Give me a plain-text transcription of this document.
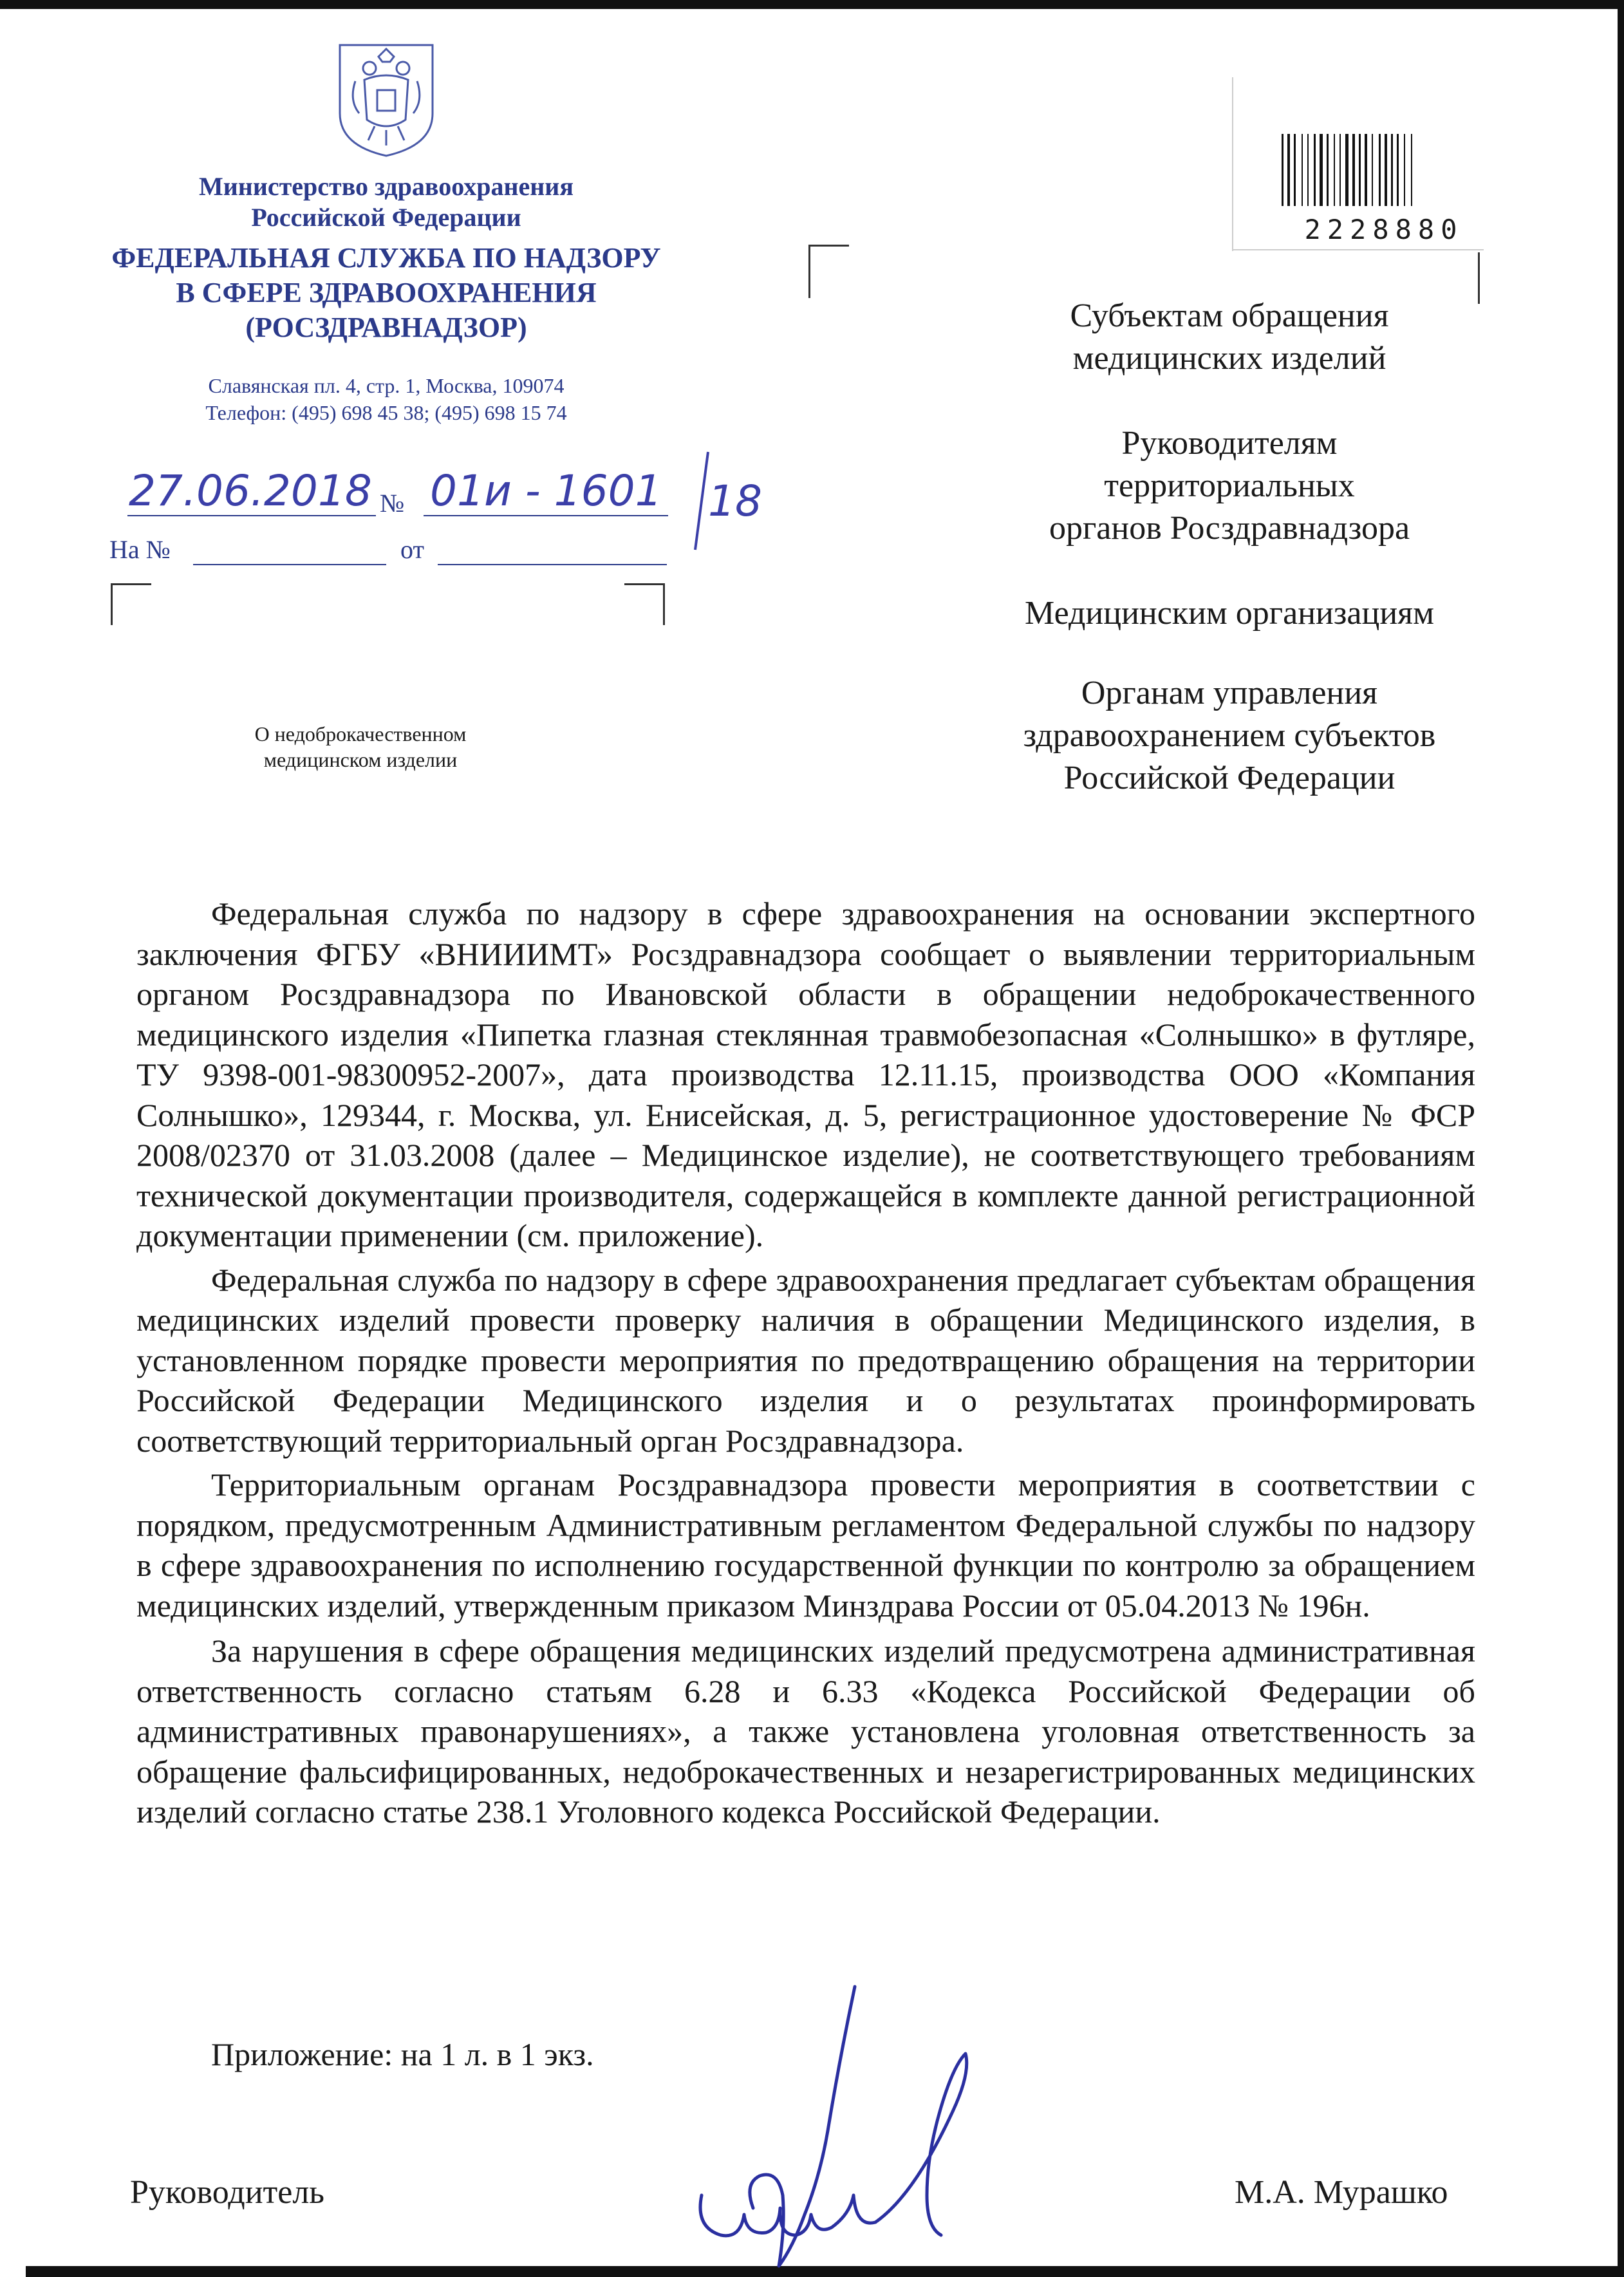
Министерство здравоохранения
Российской Федерации
ФЕДЕРАЛЬНАЯ СЛУЖБА ПО НАДЗОРУ
В СФЕРЕ ЗДРАВООХРАНЕНИЯ
(РОСЗДРАВНАДЗОР)
Славянская пл. 4, стр. 1, Москва, 109074
Телефон: (495) 698 45 38; (495) 698 15 74
27.06.2018 № 01и - 1601 18
На №	от
О недоброкачественном
медицинском изделии
2228880
Субъектам обращения
медицинских изделий
Руководителям
территориальных
органов Росздравнадзора
Медицинским организациям
Органам управления
здравоохранением субъектов
Российской Федерации

Федеральная служба по надзору в сфере здравоохранения на основании экспертного заключения ФГБУ «ВНИИИМТ» Росздравнадзора сообщает о выявлении территориальным органом Росздравнадзора по Ивановской области в обращении недоброкачественного медицинского изделия «Пипетка глазная стеклянная травмобезопасная «Солнышко» в футляре, ТУ 9398-001-98300952-2007», дата производства 12.11.15, производства ООО «Компания Солнышко», 129344, г. Москва, ул. Енисейская, д. 5, регистрационное удостоверение № ФСР 2008/02370 от 31.03.2008 (далее – Медицинское изделие), не соответствующего требованиям технической документации производителя, содержащейся в комплекте данной регистрационной документации применении (см. приложение).

Федеральная служба по надзору в сфере здравоохранения предлагает субъектам обращения медицинских изделий провести проверку наличия в обращении Медицинского изделия, в установленном порядке провести мероприятия по предотвращению обращения на территории Российской Федерации Медицинского изделия и о результатах проинформировать соответствующий территориальный орган Росздравнадзора.

Территориальным органам Росздравнадзора провести мероприятия в соответствии с порядком, предусмотренным Административным регламентом Федеральной службы по надзору в сфере здравоохранения по исполнению государственной функции по контролю за обращением медицинских изделий, утвержденным приказом Минздрава России от 05.04.2013 № 196н.

За нарушения в сфере обращения медицинских изделий предусмотрена административная ответственность согласно статьям 6.28 и 6.33 «Кодекса Российской Федерации об административных правонарушениях», а также установлена уголовная ответственность за обращение фальсифицированных, недоброкачественных и незарегистрированных медицинских изделий согласно статье 238.1 Уголовного кодекса Российской Федерации.

Приложение: на 1 л. в 1 экз.
Руководитель	М.А. Мурашко
